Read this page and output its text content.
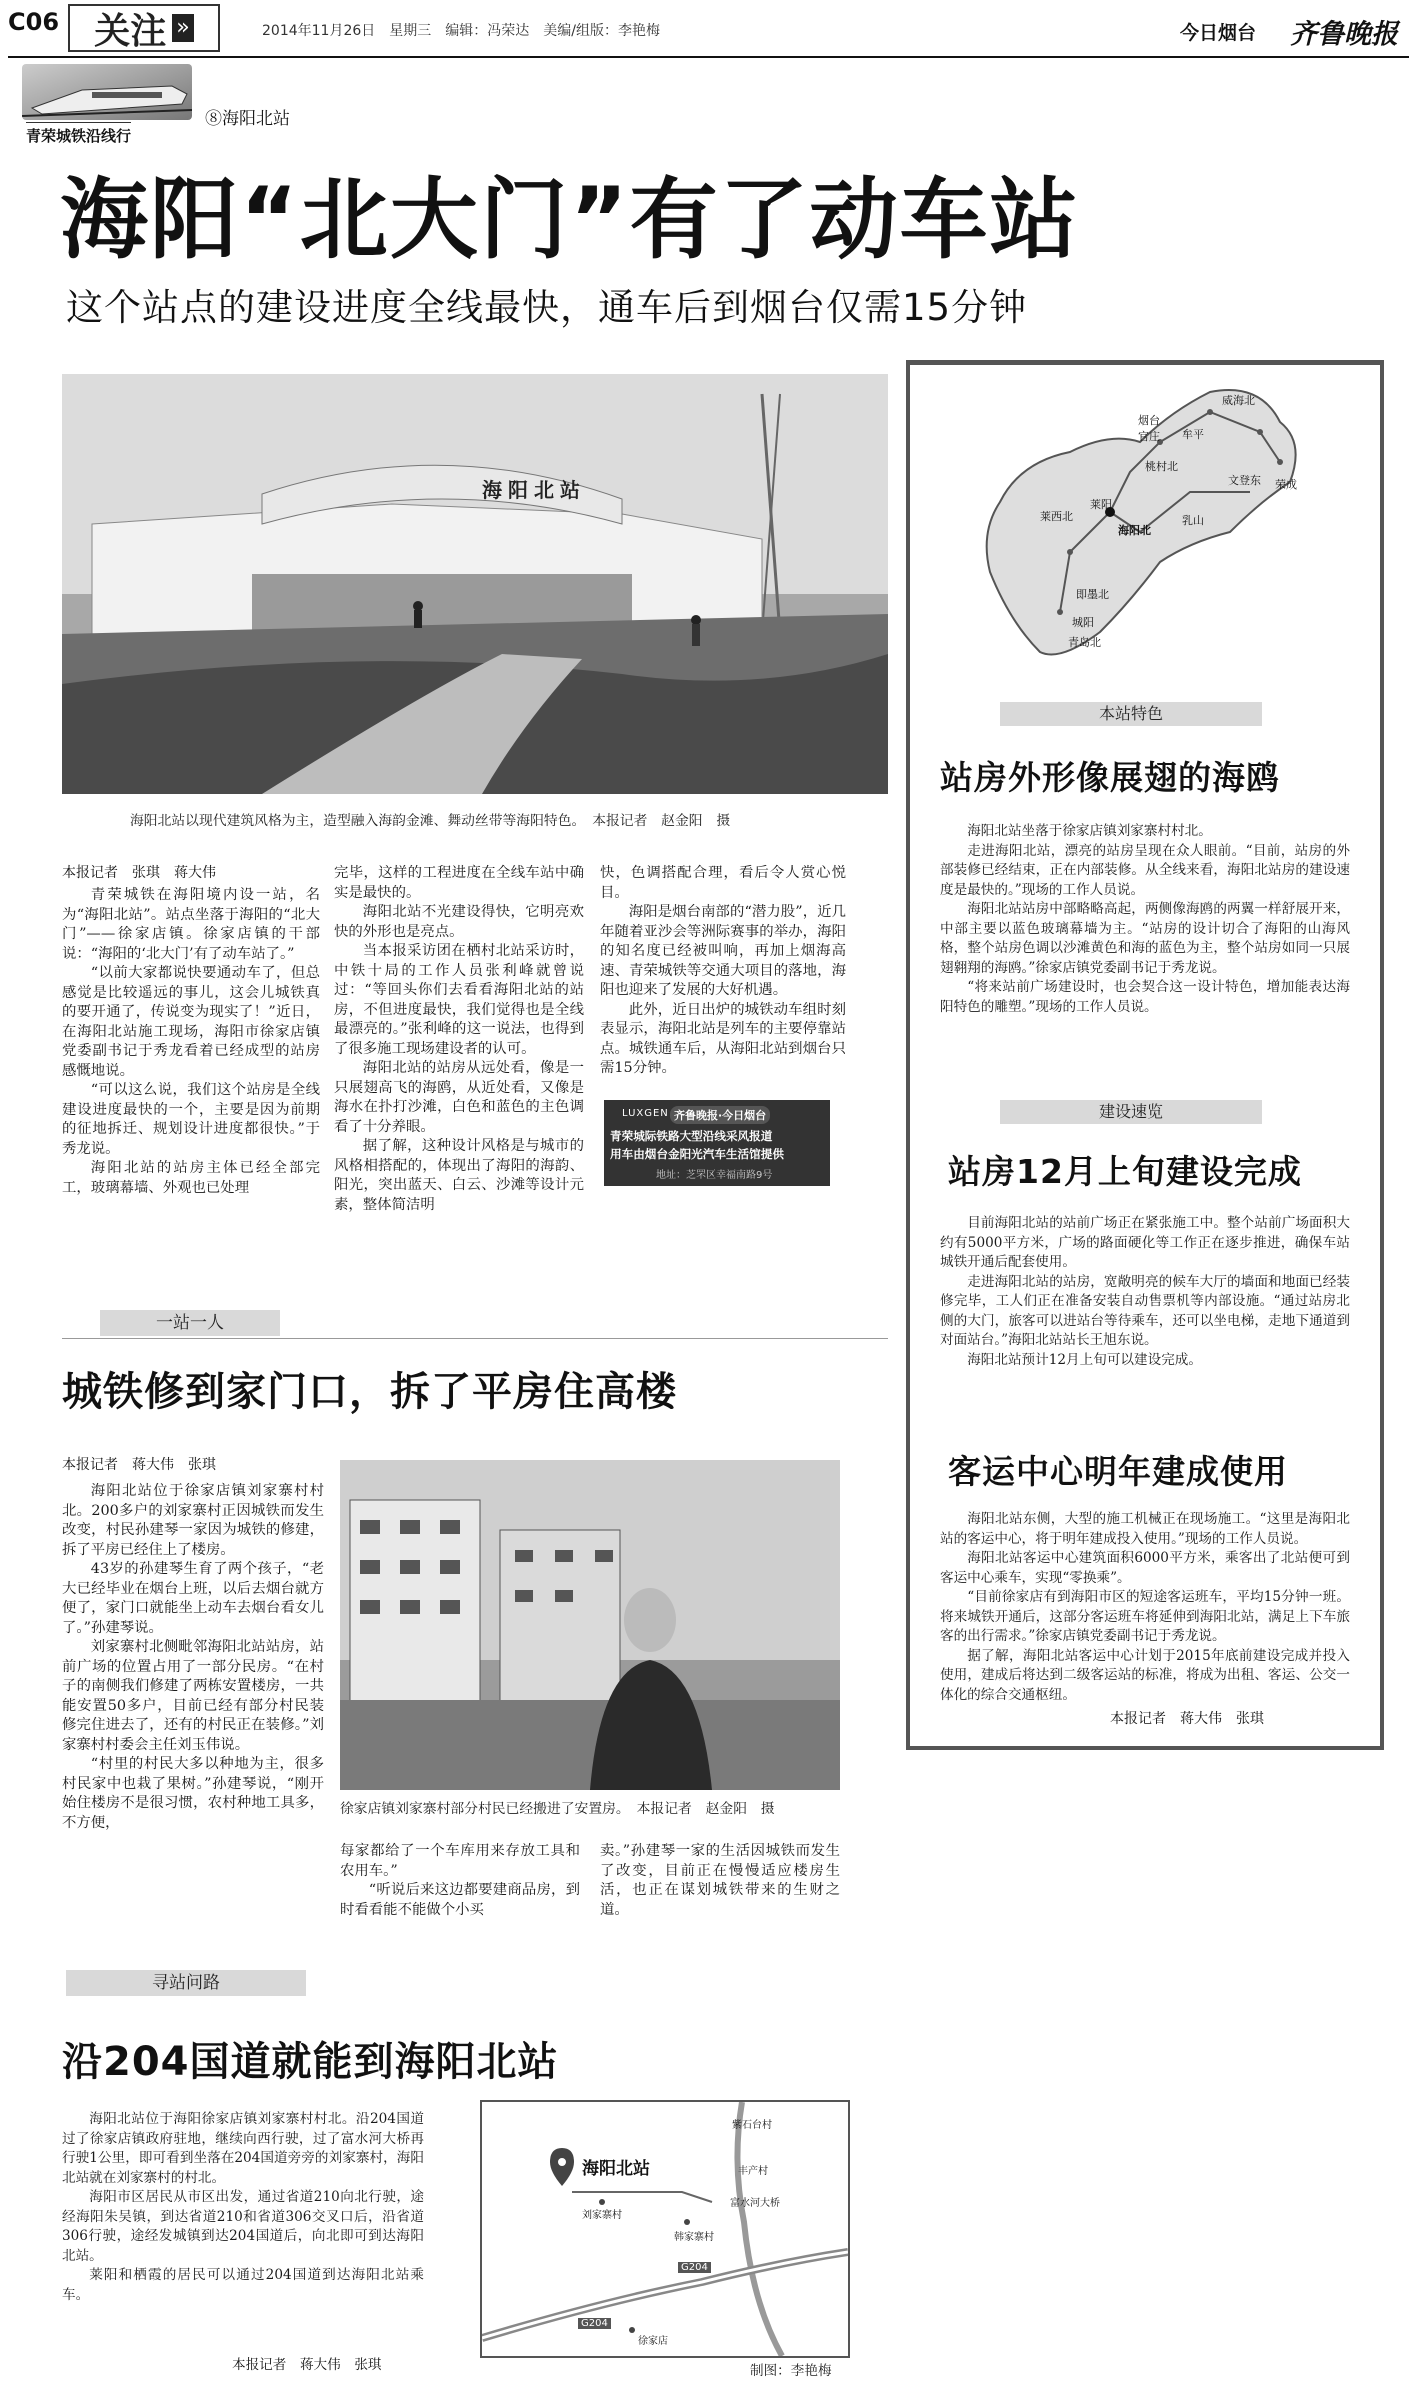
C06 关注 »	2014年11月26日　星期三　编辑：冯荣达　美编/组版：李艳梅	今日烟台 齐鲁晚报
青荣城铁沿线行
⑧海阳北站
海阳“北大门”有了动车站
这个站点的建设进度全线最快，通车后到烟台仅需15分钟
海阳北站
海阳北站以现代建筑风格为主，造型融入海韵金滩、舞动丝带等海阳特色。　本报记者　赵金阳　摄
本报记者　张琪　蒋大伟

青荣城铁在海阳境内设一站，名为“海阳北站”。站点坐落于海阳的“北大门”——徐家店镇。徐家店镇的干部说：“海阳的‘北大门’有了动车站了。”

“以前大家都说快要通动车了，但总感觉是比较遥远的事儿，这会儿城铁真的要开通了，传说变为现实了！”近日，在海阳北站施工现场，海阳市徐家店镇党委副书记于秀龙看着已经成型的站房感慨地说。

“可以这么说，我们这个站房是全线建设进度最快的一个，主要是因为前期的征地拆迁、规划设计进度都很快。”于秀龙说。

海阳北站的站房主体已经全部完工，玻璃幕墙、外观也已处理

完毕，这样的工程进度在全线车站中确实是最快的。

海阳北站不光建设得快，它明亮欢快的外形也是亮点。

当本报采访团在栖村北站采访时，中铁十局的工作人员张利峰就曾说过：“等回头你们去看看海阳北站的站房，不但进度最快，我们觉得也是全线最漂亮的。”张利峰的这一说法，也得到了很多施工现场建设者的认可。

海阳北站的站房从远处看，像是一只展翅高飞的海鸥，从近处看，又像是海水在扑打沙滩，白色和蓝色的主色调看了十分养眼。

据了解，这种设计风格是与城市的风格相搭配的，体现出了海阳的海韵、阳光，突出蓝天、白云、沙滩等设计元素，整体简洁明

快，色调搭配合理，看后令人赏心悦目。

海阳是烟台南部的“潜力股”，近几年随着亚沙会等洲际赛事的举办，海阳的知名度已经被叫响，再加上烟海高速、青荣城铁等交通大项目的落地，海阳也迎来了发展的大好机遇。

此外，近日出炉的城铁动车组时刻表显示，海阳北站是列车的主要停靠站点。城铁通车后，从海阳北站到烟台只需15分钟。

LUXGEN 齐鲁晚报·今日烟台
青荣城际铁路大型沿线采风报道
用车由烟台金阳光汽车生活馆提供
地址：芝罘区幸福南路9号
威海北
烟台
桃村北
莱阳
莱西北
海阳北
文登东 荣成
即墨北
城阳
青岛北
官庄 牟平
乳山
本站特色
站房外形像展翅的海鸥

海阳北站坐落于徐家店镇刘家寨村村北。

走进海阳北站，漂亮的站房呈现在众人眼前。“目前，站房的外部装修已经结束，正在内部装修。从全线来看，海阳北站房的建设速度是最快的。”现场的工作人员说。

海阳北站站房中部略略高起，两侧像海鸥的两翼一样舒展开来，中部主要以蓝色玻璃幕墙为主。“站房的设计切合了海阳的山海风格，整个站房色调以沙滩黄色和海的蓝色为主，整个站房如同一只展翅翱翔的海鸥。”徐家店镇党委副书记于秀龙说。

“将来站前广场建设时，也会契合这一设计特色，增加能表达海阳特色的雕塑。”现场的工作人员说。

建设速览
站房12月上旬建设完成

目前海阳北站的站前广场正在紧张施工中。整个站前广场面积大约有5000平方米，广场的路面硬化等工作正在逐步推进，确保车站城铁开通后配套使用。

走进海阳北站的站房，宽敞明亮的候车大厅的墙面和地面已经装修完毕，工人们正在准备安装自动售票机等内部设施。“通过站房北侧的大门，旅客可以进站台等待乘车，还可以坐电梯，走地下通道到对面站台。”海阳北站站长王旭东说。

海阳北站预计12月上旬可以建设完成。

客运中心明年建成使用

海阳北站东侧，大型的施工机械正在现场施工。“这里是海阳北站的客运中心，将于明年建成投入使用。”现场的工作人员说。

海阳北站客运中心建筑面积6000平方米，乘客出了北站便可到客运中心乘车，实现“零换乘”。

“目前徐家店有到海阳市区的短途客运班车，平均15分钟一班。将来城铁开通后，这部分客运班车将延伸到海阳北站，满足上下车旅客的出行需求。”徐家店镇党委副书记于秀龙说。

据了解，海阳北站客运中心计划于2015年底前建设完成并投入使用，建成后将达到二级客运站的标准，将成为出租、客运、公交一体化的综合交通枢纽。

本报记者　蒋大伟　张琪
一站一人
城铁修到家门口，拆了平房住高楼
本报记者　蒋大伟　张琪

海阳北站位于徐家店镇刘家寨村村北。200多户的刘家寨村正因城铁而发生改变，村民孙建琴一家因为城铁的修建，拆了平房已经住上了楼房。

43岁的孙建琴生育了两个孩子，“老大已经毕业在烟台上班，以后去烟台就方便了，家门口就能坐上动车去烟台看女儿了。”孙建琴说。

刘家寨村北侧毗邻海阳北站站房，站前广场的位置占用了一部分民房。“在村子的南侧我们修建了两栋安置楼房，一共能安置50多户，目前已经有部分村民装修完住进去了，还有的村民正在装修。”刘家寨村村委会主任刘玉伟说。

“村里的村民大多以种地为主，很多村民家中也栽了果树。”孙建琴说，“刚开始住楼房不是很习惯，农村种地工具多，不方便，

徐家店镇刘家寨村部分村民已经搬进了安置房。　本报记者　赵金阳　摄

每家都给了一个车库用来存放工具和农用车。”

“听说后来这边都要建商品房，到时看看能不能做个小买

卖。”孙建琴一家的生活因城铁而发生了改变，目前正在慢慢适应楼房生活，也正在谋划城铁带来的生财之道。

寻站问路
沿204国道就能到海阳北站

海阳北站位于海阳徐家店镇刘家寨村村北。沿204国道过了徐家店镇政府驻地，继续向西行驶，过了富水河大桥再行驶1公里，即可看到坐落在204国道旁旁的刘家寨村，海阳北站就在刘家寨村的村北。

海阳市区居民从市区出发，通过省道210向北行驶，途经海阳朱吴镇，到达省道210和省道306交叉口后，沿省道306行驶，途经发城镇到达204国道后，向北即可到达海阳北站。

莱阳和栖霞的居民可以通过204国道到达海阳北站乘车。

本报记者　蒋大伟　张琪
海阳北站
紫石台村
丰产村
富水河大桥
刘家寨村
韩家寨村
G204
G204
徐家店
制图：李艳梅
